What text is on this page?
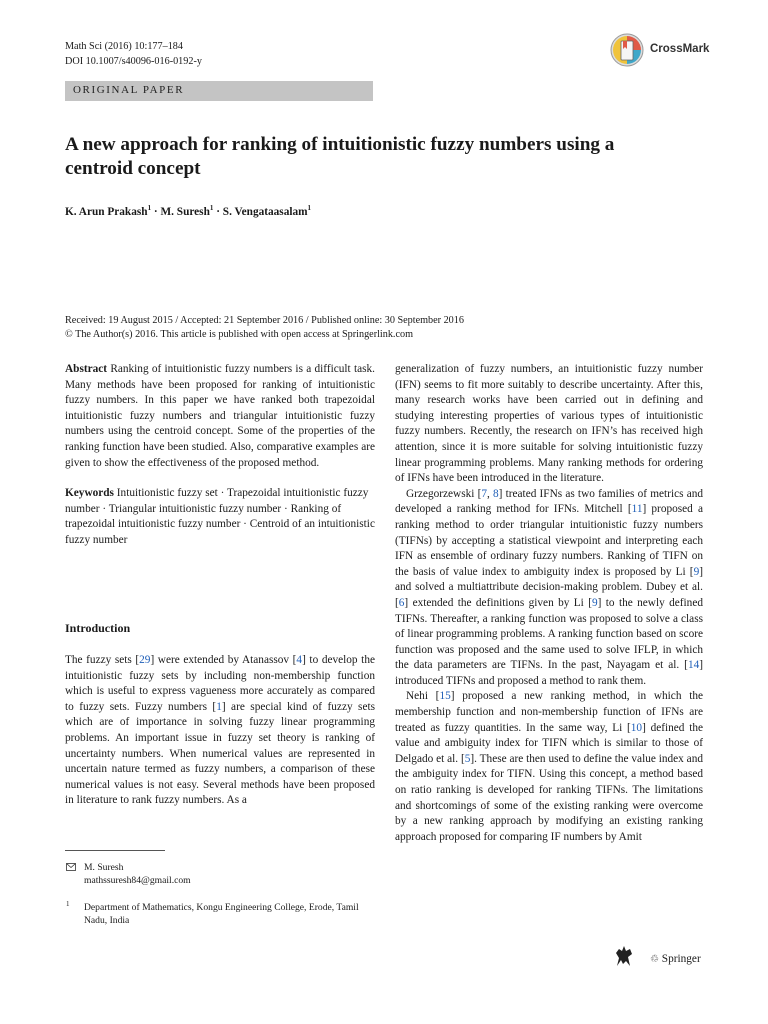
Math Sci (2016) 10:177–184
DOI 10.1007/s40096-016-0192-y
CrossMark
ORIGINAL PAPER
A new approach for ranking of intuitionistic fuzzy numbers using a centroid concept
K. Arun Prakash$^1$ · M. Suresh$^1$ · S. Vengataasalam$^1$
Received: 19 August 2015 / Accepted: 21 September 2016 / Published online: 30 September 2016
© The Author(s) 2016. This article is published with open access at Springerlink.com

Abstract Ranking of intuitionistic fuzzy numbers is a difficult task. Many methods have been proposed for ranking of intuitionistic fuzzy numbers. In this paper we have ranked both trapezoidal intuitionistic fuzzy numbers and triangular intuitionistic fuzzy numbers using the centroid concept. Some of the properties of the ranking function have been studied. Also, comparative examples are given to show the effectiveness of the proposed method.

Keywords Intuitionistic fuzzy set · Trapezoidal intuitionistic fuzzy number · Triangular intuitionistic fuzzy number · Ranking of trapezoidal intuitionistic fuzzy number · Centroid of an intuitionistic fuzzy number

Introduction

The fuzzy sets [29] were extended by Atanassov [4] to develop the intuitionistic fuzzy sets by including non-membership function which is useful to express vagueness more accurately as compared to fuzzy sets. Fuzzy numbers [1] are special kind of fuzzy sets which are of importance in solving fuzzy linear programming problems. An important issue in fuzzy set theory is ranking of uncertainty numbers. When numerical values are represented in uncertain nature termed as fuzzy numbers, a comparison of these numerical values is not easy. Several methods have been proposed in literature to rank fuzzy numbers. As a

generalization of fuzzy numbers, an intuitionistic fuzzy number (IFN) seems to fit more suitably to describe uncertainty. After this, many research works have been carried out in defining and studying interesting properties of various types of intuitionistic fuzzy numbers. Recently, the research on IFN’s has received high attention, since it is more suitable for solving intuitionistic fuzzy linear programming problems. Many ranking methods for ordering of IFNs have been introduced in the literature.

Grzegorzewski [7, 8] treated IFNs as two families of metrics and developed a ranking method for IFNs. Mitchell [11] proposed a ranking method to order triangular intuitionistic fuzzy numbers (TIFNs) by accepting a statistical viewpoint and interpreting each IFN as ensemble of ordinary fuzzy numbers. Ranking of TIFN on the basis of value index to ambiguity index is proposed by Li [9] and solved a multiattribute decision-making problem. Dubey et al. [6] extended the definitions given by Li [9] to the newly defined TIFNs. Thereafter, a ranking function was proposed to solve a class of linear programming problems. A ranking function based on score function was proposed and the same used to solve IFLP, in which the data parameters are TIFNs. In the past, Nayagam et al. [14] introduced TIFNs and proposed a method to rank them.

Nehi [15] proposed a new ranking method, in which the membership function and non-membership function of IFNs are treated as fuzzy quantities. In the same way, Li [10] defined the value and ambiguity index for TIFN which is similar to those of Delgado et al. [5]. These are then used to define the value index and the ambiguity index for TIFN. Using this concept, a method based on ratio ranking is developed for ranking TIFNs. The limitations and shortcomings of some of the existing ranking were overcome by a new ranking approach by modifying an existing ranking approach proposed for comparing IF numbers by Amit

M. Suresh
mathssuresh84@gmail.com
1 Department of Mathematics, Kongu Engineering College, Erode, Tamil Nadu, India
♲ Springer
